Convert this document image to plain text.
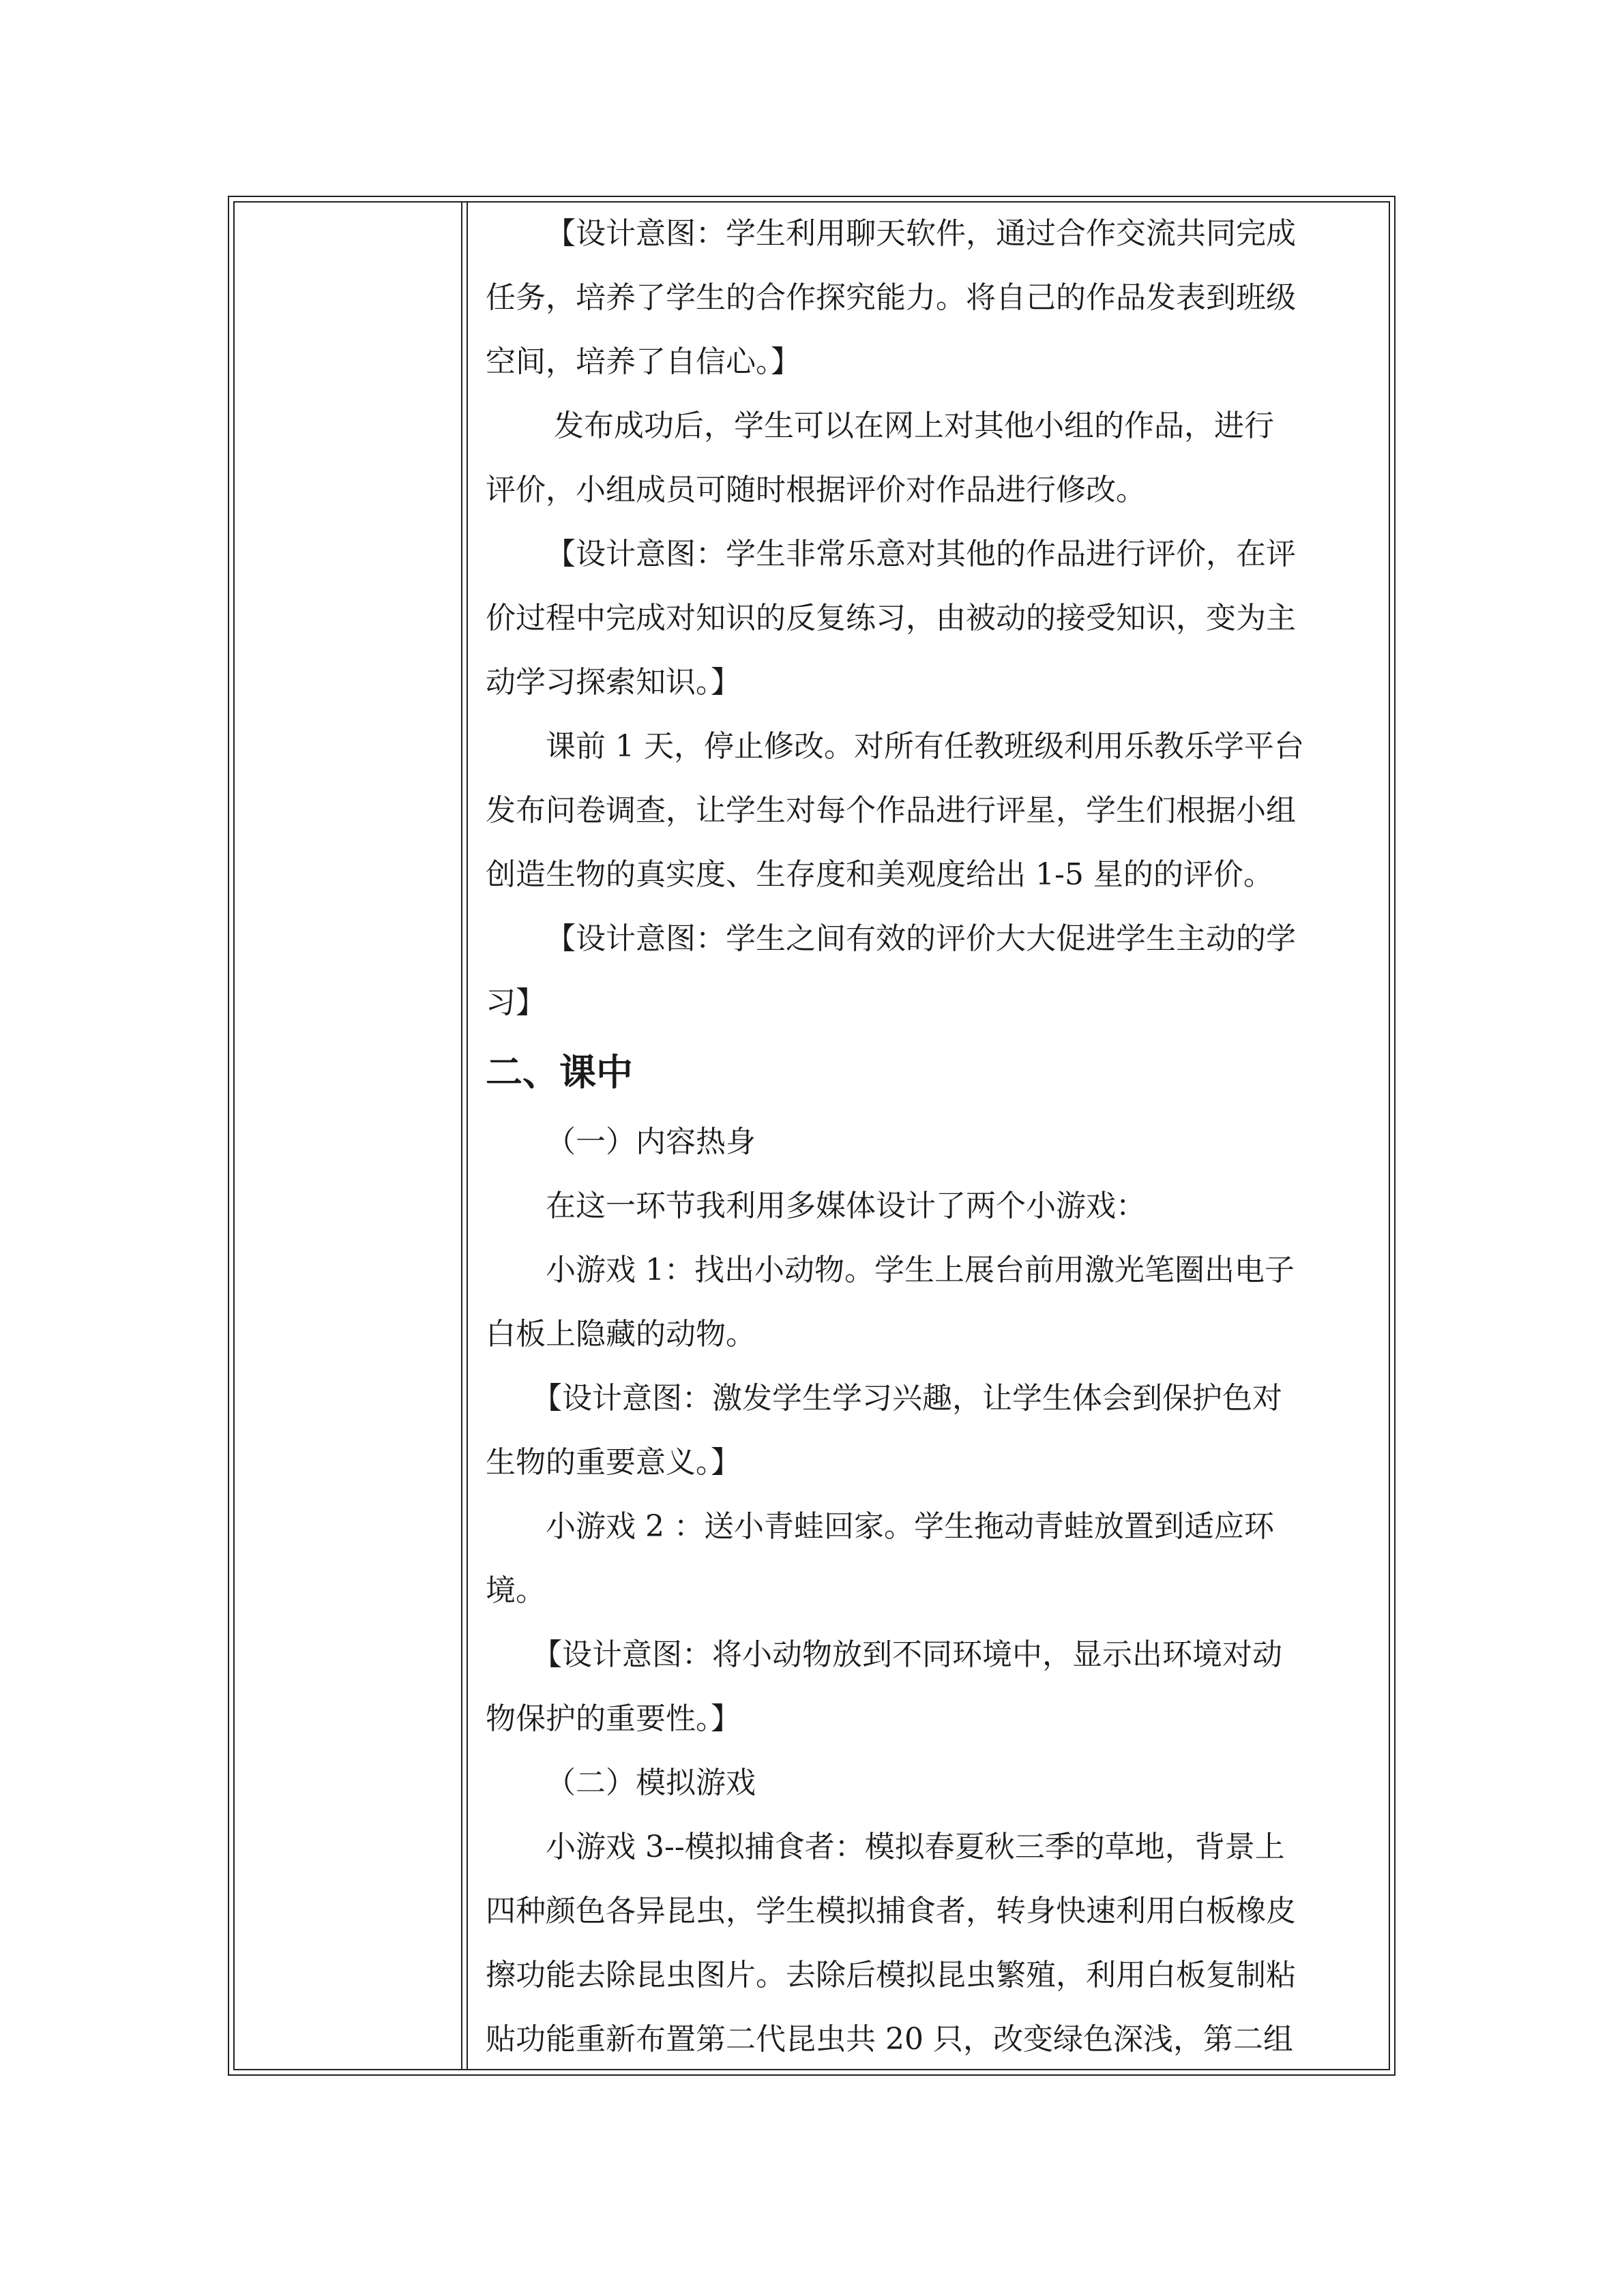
【设计意图：学生利用聊天软件，通过合作交流共同完成
任务，培养了学生的合作探究能力。将自己的作品发表到班级
空间，培养了自信心。】
发布成功后，学生可以在网上对其他小组的作品，进行
评价，小组成员可随时根据评价对作品进行修改。
【设计意图：学生非常乐意对其他的作品进行评价，在评
价过程中完成对知识的反复练习，由被动的接受知识，变为主
动学习探索知识。】
课前 1 天，停止修改。对所有任教班级利用乐教乐学平台
发布问卷调查，让学生对每个作品进行评星，学生们根据小组
创造生物的真实度、生存度和美观度给出 1-5 星的的评价。
【设计意图：学生之间有效的评价大大促进学生主动的学
习】
二、课中
（一）内容热身
在这一环节我利用多媒体设计了两个小游戏：
小游戏 1：找出小动物。学生上展台前用激光笔圈出电子
白板上隐藏的动物。
【设计意图：激发学生学习兴趣，让学生体会到保护色对
生物的重要意义。】
小游戏 2 ：送小青蛙回家。学生拖动青蛙放置到适应环
境。
【设计意图：将小动物放到不同环境中，显示出环境对动
物保护的重要性。】
（二）模拟游戏
小游戏 3--模拟捕食者：模拟春夏秋三季的草地，背景上
四种颜色各异昆虫，学生模拟捕食者，转身快速利用白板橡皮
擦功能去除昆虫图片。去除后模拟昆虫繁殖，利用白板复制粘
贴功能重新布置第二代昆虫共 20 只，改变绿色深浅，第二组
